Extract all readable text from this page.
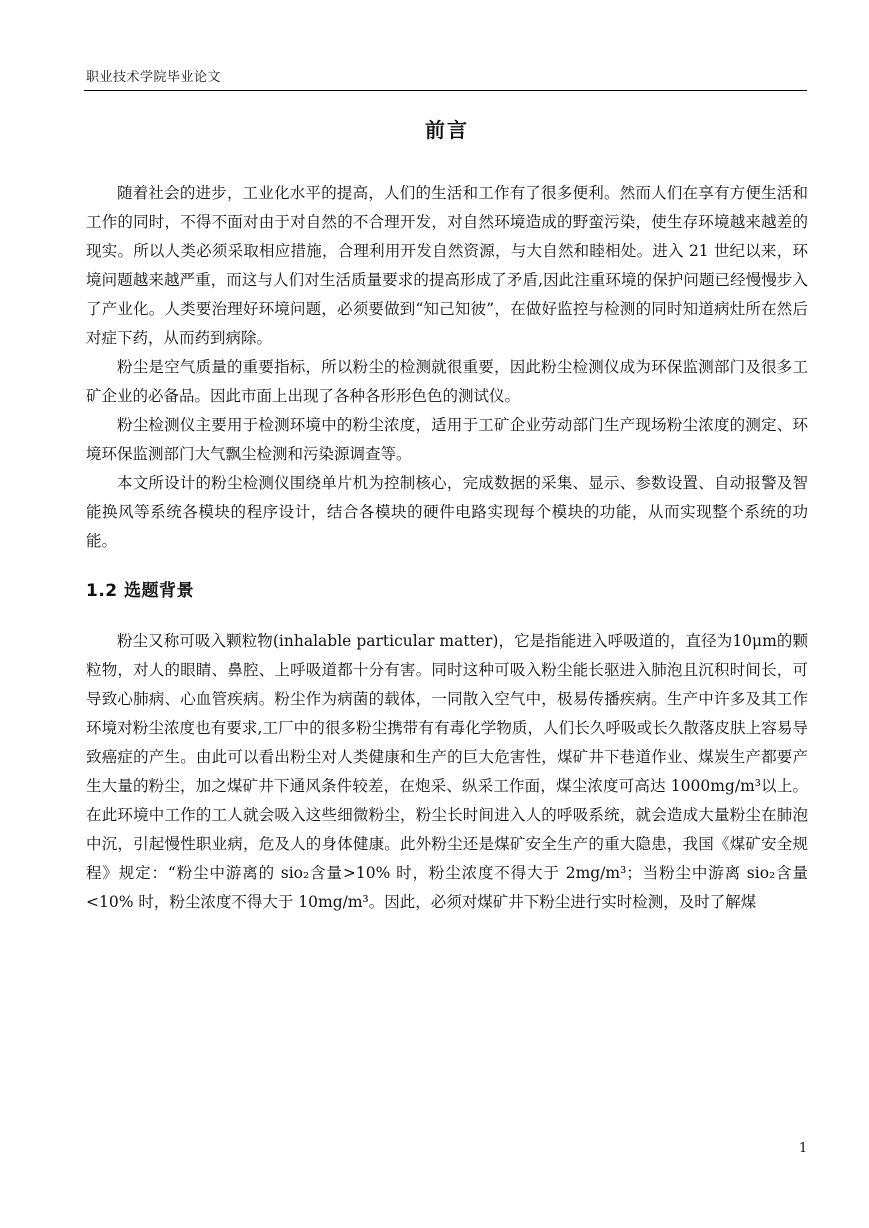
职业技术学院毕业论文
前言

随着社会的进步，工业化水平的提高，人们的生活和工作有了很多便利。然而人们在享有方便生活和工作的同时，不得不面对由于对自然的不合理开发，对自然环境造成的野蛮污染，使生存环境越来越差的现实。所以人类必须采取相应措施，合理利用开发自然资源，与大自然和睦相处。进入 21 世纪以来，环境问题越来越严重，而这与人们对生活质量要求的提高形成了矛盾,因此注重环境的保护问题已经慢慢步入了产业化。人类要治理好环境问题，必须要做到“知己知彼”，在做好监控与检测的同时知道病灶所在然后对症下药，从而药到病除。

粉尘是空气质量的重要指标，所以粉尘的检测就很重要，因此粉尘检测仪成为环保监测部门及很多工矿企业的必备品。因此市面上出现了各种各形形色色的测试仪。

粉尘检测仪主要用于检测环境中的粉尘浓度，适用于工矿企业劳动部门生产现场粉尘浓度的测定、环境环保监测部门大气飘尘检测和污染源调查等。

本文所设计的粉尘检测仪围绕单片机为控制核心，完成数据的采集、显示、参数设置、自动报警及智能换风等系统各模块的程序设计，结合各模块的硬件电路实现每个模块的功能，从而实现整个系统的功能。

1.2 选题背景

粉尘又称可吸入颗粒物(inhalable particular matter)，它是指能进入呼吸道的，直径为10μm的颗粒物，对人的眼睛、鼻腔、上呼吸道都十分有害。同时这种可吸入粉尘能长驱进入肺泡且沉积时间长，可导致心肺病、心血管疾病。粉尘作为病菌的载体，一同散入空气中，极易传播疾病。生产中许多及其工作环境对粉尘浓度也有要求,工厂中的很多粉尘携带有有毒化学物质，人们长久呼吸或长久散落皮肤上容易导致癌症的产生。由此可以看出粉尘对人类健康和生产的巨大危害性，煤矿井下巷道作业、煤炭生产都要产生大量的粉尘，加之煤矿井下通风条件较差，在炮采、纵采工作面，煤尘浓度可高达 1000mg/m³以上。在此环境中工作的工人就会吸入这些细微粉尘，粉尘长时间进入人的呼吸系统，就会造成大量粉尘在肺泡中沉，引起慢性职业病，危及人的身体健康。此外粉尘还是煤矿安全生产的重大隐患，我国《煤矿安全规程》规定：“粉尘中游离的 sio₂含量>10% 时，粉尘浓度不得大于 2mg/m³；当粉尘中游离 sio₂含量<10% 时，粉尘浓度不得大于 10mg/m³。因此，必须对煤矿井下粉尘进行实时检测，及时了解煤

1
